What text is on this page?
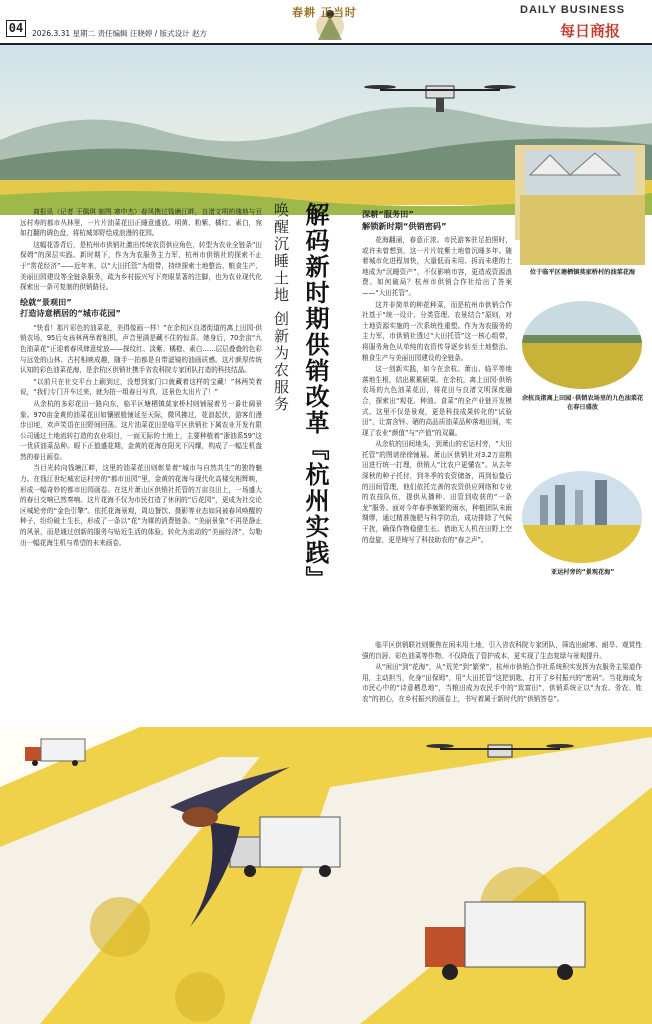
04	2026.3.31 星期二 责任编辑 汪晓婷 / 版式设计 赵方
春耕 正当时	DAILY BUSINESS
每日商报
解码新时期供销改革『杭州实践』
唤醒沉睡土地 创新为农服务

商报讯（记者 王佩琪 制图 寒中杰）春风携过钱塘江畔，良渚文明的瑰地与亘远村寿的都市丛林里，一片片油菜花田正睡意盛放。明黄、粉紫、橘红、素白，宛如打翻的调色盘，将杭城郊野绘成浪漫的花园。

这幅花香背后，是杭州市供销社激出传统农资供应角色，转型为农业全链条“田保姆”的深层实践。新时期下，作为为农服务主力军，杭州市供销社的探索不止于“赏花经济”——近年来，以“大田托管”为组带，持续探索土地整治、粮食生产、美丽田园建设等全链条服务，疏为乡村振兴写下亮眼显著的注脚，也为农业现代化探索出一条可复制的供销路径。

绘就“景观田”
打造诗意栖居的“城市花园”

“快看！那片彩色的油菜花，美得像画一样！”在余杭区良渚街道的离上田园·供销农场，95后女孩林两举着相机，声音里满是藏不住的惊喜。她身后，70余亩“九色油菜花”正迎着春风肆意绽放——探纹红、淡紫、橘橙、素白……层层叠叠的色彩与远处的山林、古村相映成趣，随手一拍都是自带滤镜的油画质感。这片颜厚传统认知的彩色油菜花海，是余杭区供销社携手省农科院专家团队打造的科技结晶。

“以前只在社交平台上刷到过，没想到家门口就藏着这样的宝藏！”林两笑着说，“我们专门开车过来，就为拍一组春日写真，这景色太出片了！”

从余杭的多彩花田一路向东，临平区塘栖镇莫家桥村则铺展着另一番壮阔景象。970亩金黄的油菜花田如镶嵌般铺延至天际，微风拂过，花浪起伏，游客们漫步田埂，欢声笑语在田野间回荡。这片油菜花田是临平区供销社下属农业开发有限公司通过土地流转打造的农业项目，一面无际的土地上，主要种植着“浙油系59”这一优质油菜品种。眼下正值盛花期，金黄的花海在阳光下闪耀，构成了一幅生机盎然的春日画卷。

当目光转向钱塘江畔，这里的油菜花田则彰显着“城市与自然共生”的独特魅力。在钱江世纪城宏运村旁的“都市田园”里，金黄的花海与现代化高楼交相辉映，形成一幅奇妙的都市田园画卷。在这片萧山区供销社托管的万亩良田上，一场盛大的春日交响已然奏响。这片花海不仅为市民打造了休闲的“后花园”，更成为社交论区城轮旁的“金色引擎”。依托花海景观，周边餐饮、摄影等业态如同被春风唤醒的种子，纷纷破土生长，形成了一条以“花”为媒的消费链条。“美丽景象”不再是静止的风景，而是通过创新的服务与贴近生活的体验，转化为流动的“美丽经济”，勾勒出一幅花海生机与希望的未来画卷。

深耕“服务田”
解锁新时期“供销密码”

花海翻涌，春意正浓。市民游客驻足拍照时，或许未曾想到，这一片片姹紫土地曾沉睡多年。随着城市化进程加快，大量低而未用、拆而未建的土地成为“沉睡资产”，不仅影响市容，更造成资源浪费。如何破局？杭州市供销合作社给出了答案——“大田托管”。

这并非简单的种花种菜，而是杭州市供销合作社基于“统一设计、分类管理、农景结合”原则，对土地资源实施的一次系统性重塑。作为为农服务的主力军，市供销社透过“大田托管”这一核心组带，将服务角色从单纯的农资传导逐步转至土地整治、粮食生产与美丽田园建设的全链条。

这一创新实践，如今在余杭、萧山、临平等地落地生根，结出累累硕果。在余杭，离上田园·供销农场的九色油菜花田，将花田与良渚文明深度融合，探索出“观花、种油、食菜”的全产业链开发模式。这里不仅是景观，更是科技成果转化的“试验田”，让富含锌、硒的高品质油菜品种落地田间，实现了农业“颜值”与“产值”的双赢。

从余杭的田间地头，到萧山的宏运村旁，“大田托管”的图谱徐徐铺展。萧山区供销社对3.2万亩粮田进行统一打理，供销人“比农户更懂农”。从去年深秋的种子托付，到冬季的农资储备，再到惊蛰后的田间管理，他们依托完善的农资供应网络和专业的农技队伍，提供从播种、田管到收获的“一条龙”服务。面对今年春季频繁的雨水，种植团队未雨绸缪，通过精准施肥与科学防治，成功排除了气候干扰，确保作物稳健生长。借助无人机在田野上空的盘旋，更是铸写了科技助农的“春之声”。

位于临平区塘栖镇莫家桥村的油菜花海
余杭良渚离上田园·供销农场里的九色油菜花在春日盛放
亚运村旁的“景观花海”

临平区供销联社则聚焦在闲未用土地，引入省农科院专家团队，筛选出耐寒、耐旱、观赏性强的盲唇、彩色油菜等作物。不仅降低了管护成本，更实现了生态复绿与景观提升。

从“闲田”到“花海”，从“荒芜”到“繁荣”，杭州市供销合作社系统积实发挥为农服务主渠道作用，主动担当，化身“田保姆”，用“大田托管”这把钥匙，打开了乡村振兴的“密码”。当花海成为市民心中的“诗意栖息地”，当粮田成为农民手中的“致富田”，供销系统正以“为农、务农、姓农”的初心，在乡村振兴的画卷上，书写着属于新时代的“供销答卷”。
